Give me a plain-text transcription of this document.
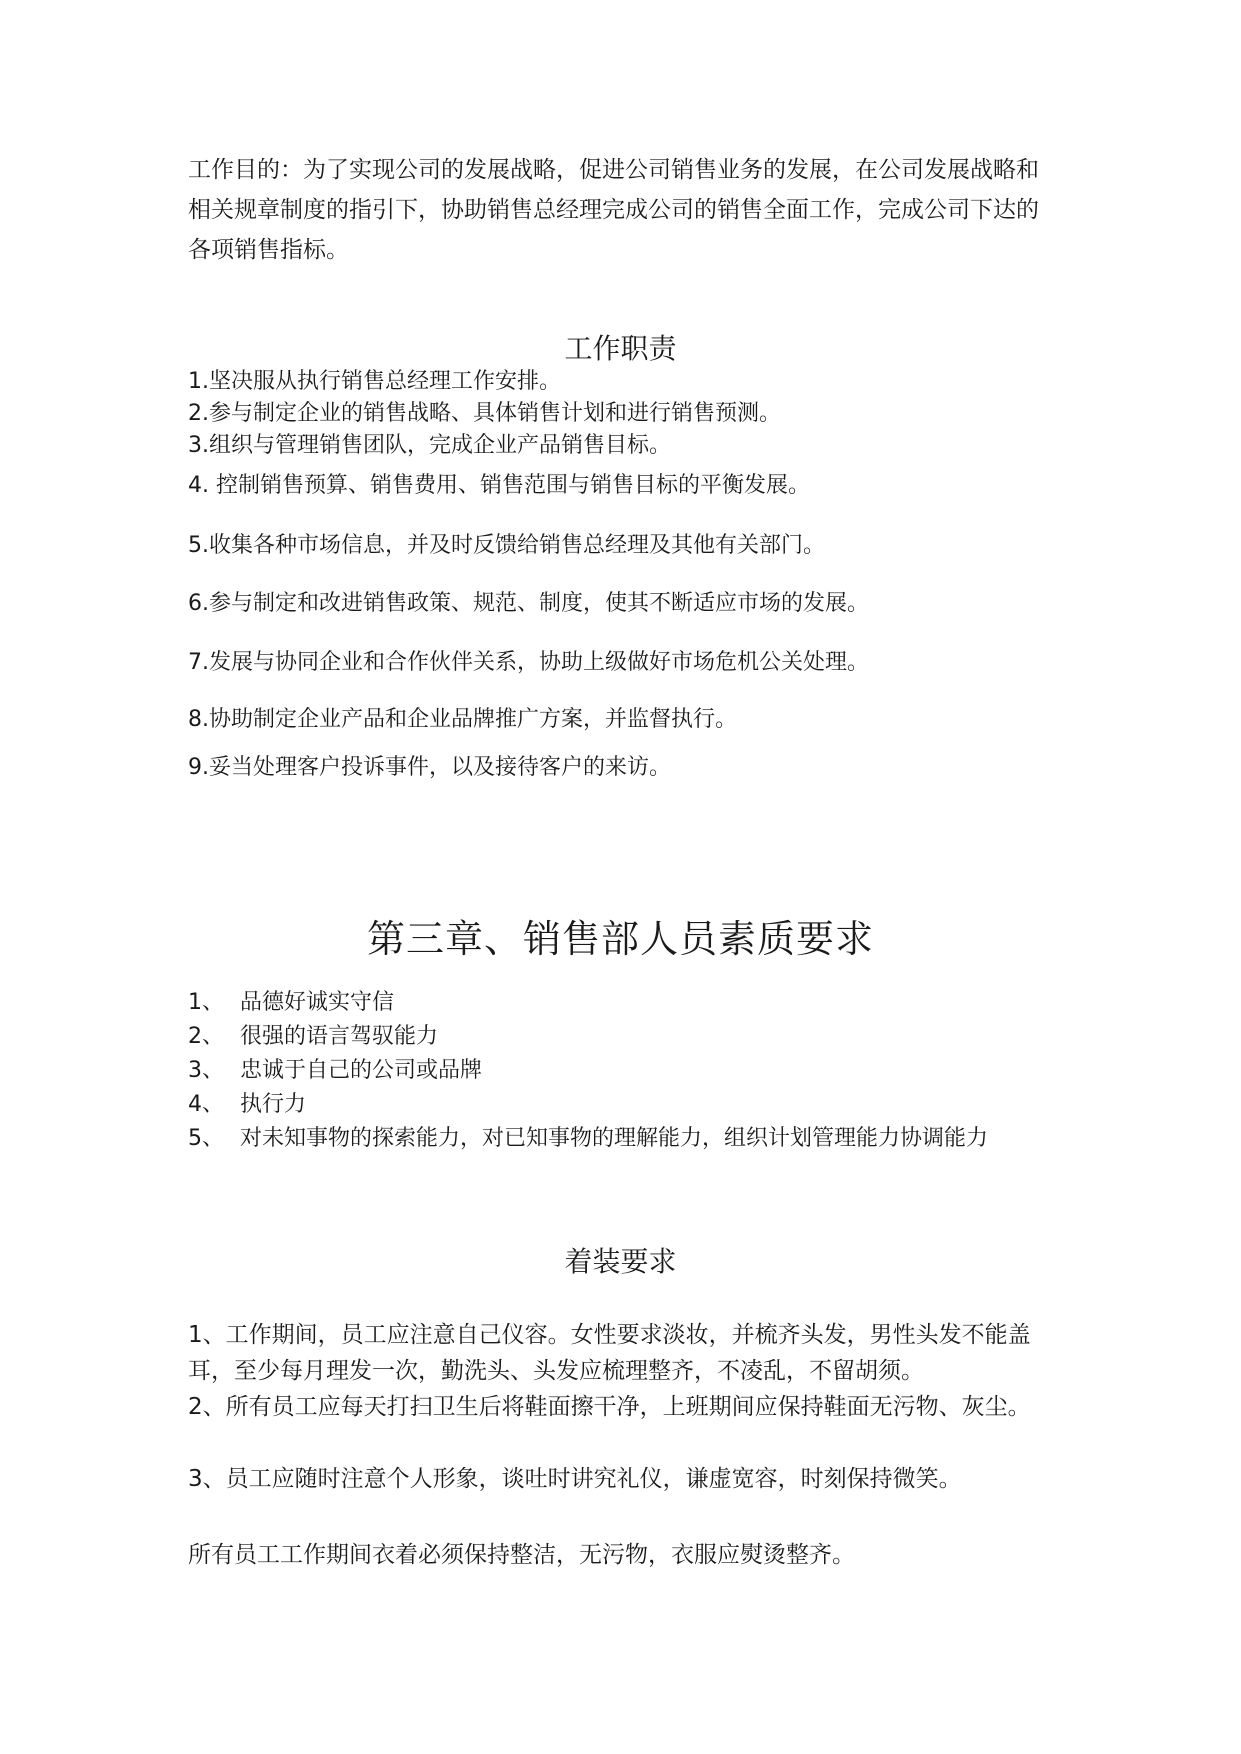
工作目的：为了实现公司的发展战略，促进公司销售业务的发展，在公司发展战略和相关规章制度的指引下，协助销售总经理完成公司的销售全面工作，完成公司下达的各项销售指标。

工作职责

1.坚决服从执行销售总经理工作安排。

2.参与制定企业的销售战略、具体销售计划和进行销售预测。

3.组织与管理销售团队，完成企业产品销售目标。

4. 控制销售预算、销售费用、销售范围与销售目标的平衡发展。

5.收集各种市场信息，并及时反馈给销售总经理及其他有关部门。

6.参与制定和改进销售政策、规范、制度，使其不断适应市场的发展。

7.发展与协同企业和合作伙伴关系，协助上级做好市场危机公关处理。

8.协助制定企业产品和企业品牌推广方案，并监督执行。

9.妥当处理客户投诉事件，以及接待客户的来访。

第三章、销售部人员素质要求

1、 品德好诚实守信

2、 很强的语言驾驭能力

3、 忠诚于自己的公司或品牌

4、 执行力

5、 对未知事物的探索能力，对已知事物的理解能力，组织计划管理能力协调能力

着装要求

1、工作期间，员工应注意自己仪容。女性要求淡妆，并梳齐头发，男性头发不能盖耳，至少每月理发一次，勤洗头、头发应梳理整齐，不凌乱，不留胡须。

2、所有员工应每天打扫卫生后将鞋面擦干净，上班期间应保持鞋面无污物、灰尘。

3、员工应随时注意个人形象，谈吐时讲究礼仪，谦虚宽容，时刻保持微笑。

所有员工工作期间衣着必须保持整洁，无污物，衣服应熨烫整齐。
